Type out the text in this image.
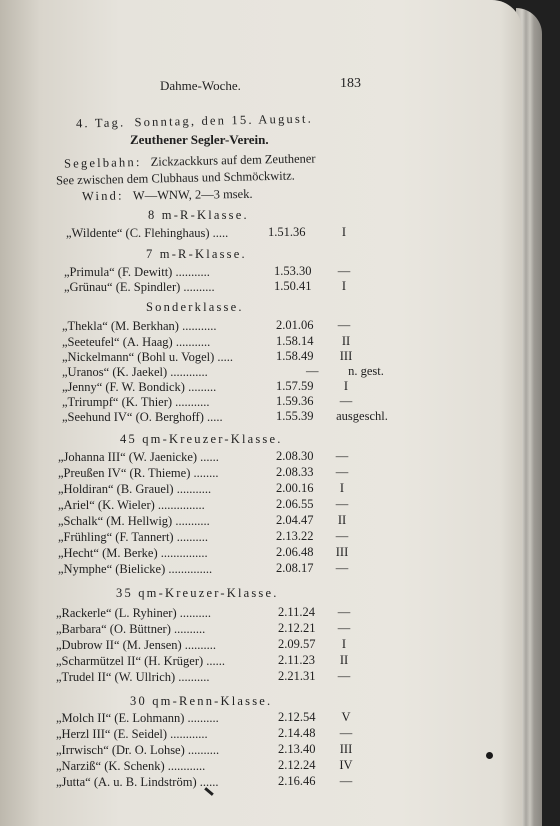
Dahme-Woche.	183
4. Tag. Sonntag, den 15. August.
Zeuthener Segler-Verein.
Segelbahn: Zickzackkurs auf dem Zeuthener
See zwischen dem Clubhaus und Schmöckwitz.
Wind: W—WNW, 2—3 msek.
8 m-R-Klasse.
„Wildente“ (C. Flehinghaus) .....	1.51.36	I
7 m-R-Klasse.
„Primula“ (F. Dewitt) ...........	1.53.30	—
„Grünau“ (E. Spindler) ..........	1.50.41	I
Sonderklasse.
„Thekla“ (M. Berkhan) ...........	2.01.06	—
„Seeteufel“ (A. Haag) ...........	1.58.14	II
„Nickelmann“ (Bohl u. Vogel) .....	1.58.49	III
„Uranos“ (K. Jaekel) ............	—	n. gest.
„Jenny“ (F. W. Bondick) .........	1.57.59	I
„Trirumpf“ (K. Thier) ...........	1.59.36	—
„Seehund IV“ (O. Berghoff) .....	1.55.39	ausgeschl.
45 qm-Kreuzer-Klasse.
„Johanna III“ (W. Jaenicke) ......	2.08.30	—
„Preußen IV“ (R. Thieme) ........	2.08.33	—
„Holdiran“ (B. Grauel) ...........	2.00.16	I
„Ariel“ (K. Wieler) ...............	2.06.55	—
„Schalk“ (M. Hellwig) ...........	2.04.47	II
„Frühling“ (F. Tannert) ..........	2.13.22	—
„Hecht“ (M. Berke) ...............	2.06.48	III
„Nymphe“ (Bielicke) ..............	2.08.17	—
35 qm-Kreuzer-Klasse.
„Rackerle“ (L. Ryhiner) ..........	2.11.24	—
„Barbara“ (O. Büttner) ..........	2.12.21	—
„Dubrow II“ (M. Jensen) ..........	2.09.57	I
„Scharmützel II“ (H. Krüger) ......	2.11.23	II
„Trudel II“ (W. Ullrich) ..........	2.21.31	—
30 qm-Renn-Klasse.
„Molch II“ (E. Lohmann) ..........	2.12.54	V
„Herzl III“ (E. Seidel) ............	2.14.48	—
„Irrwisch“ (Dr. O. Lohse) ..........	2.13.40	III
„Narziß“ (K. Schenk) ............	2.12.24	IV
„Jutta“ (A. u. B. Lindström) ......	2.16.46	—
